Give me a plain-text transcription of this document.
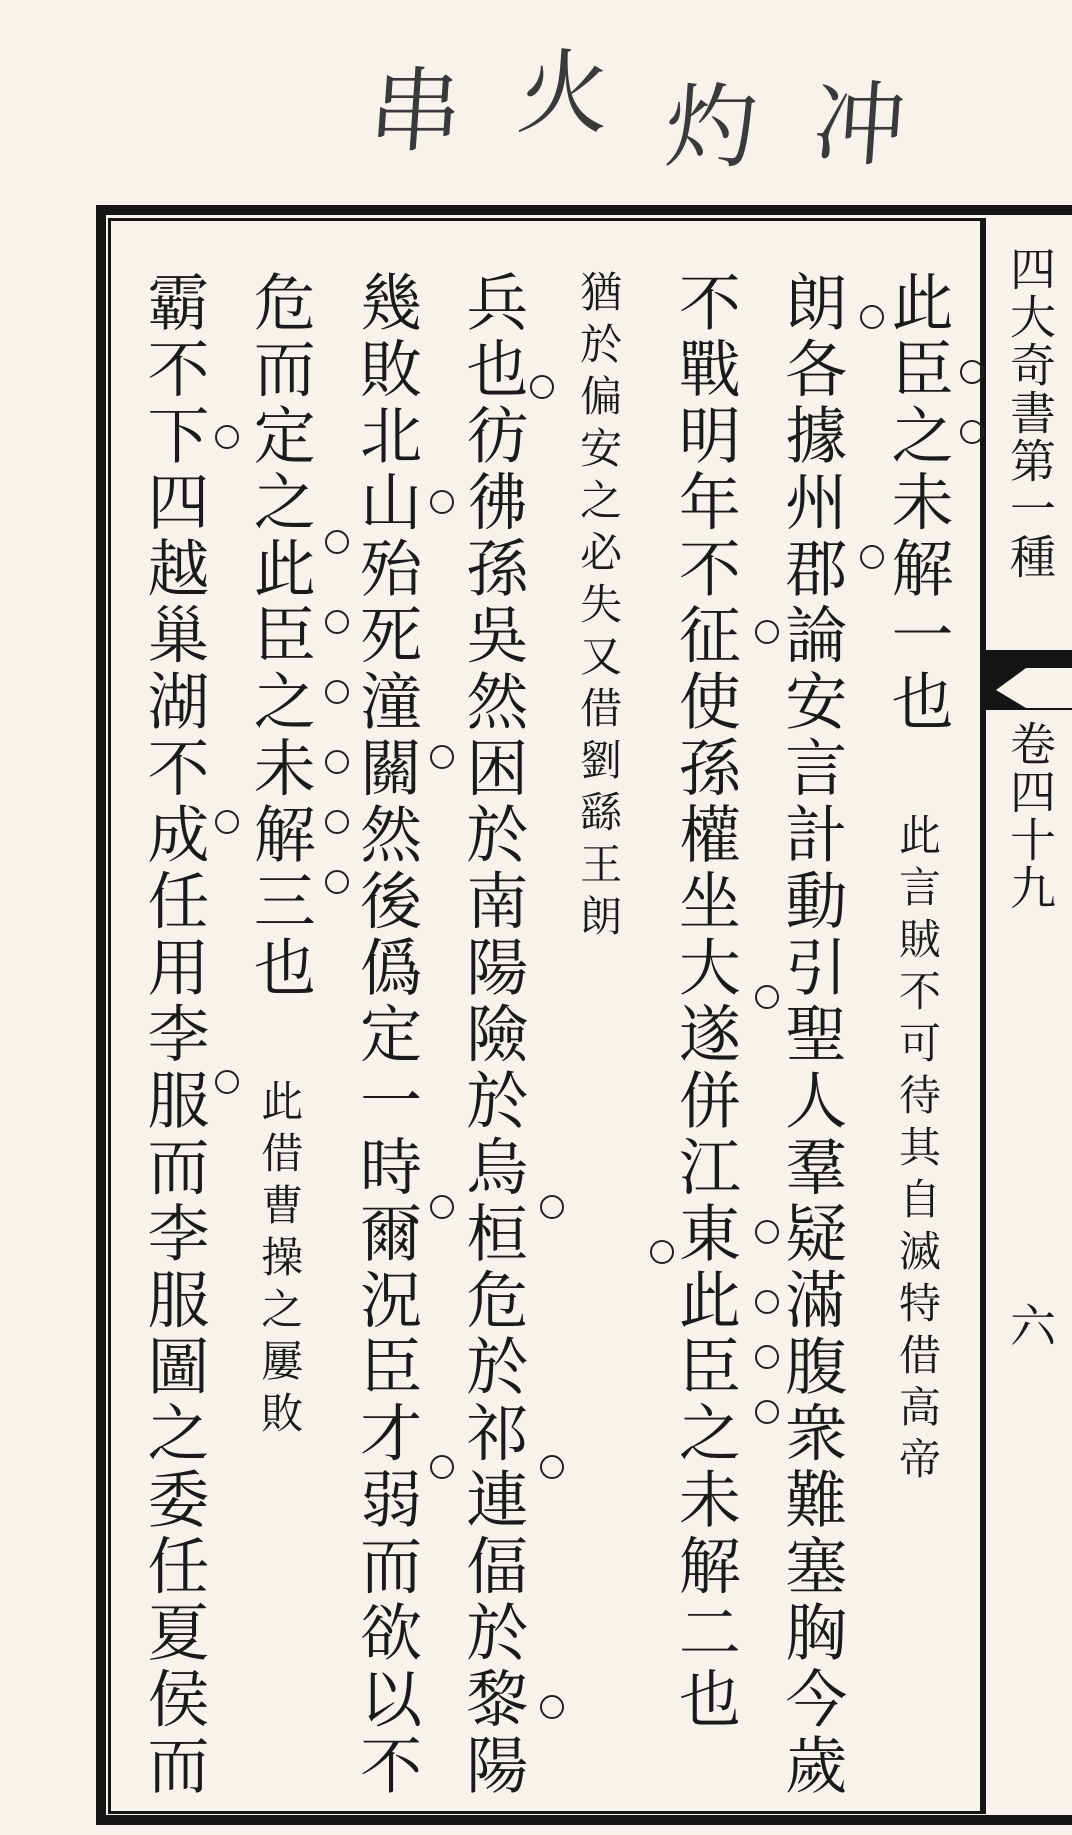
串 火 灼 冲
四大奇書第一種
卷四十九
六
此臣之未解一也 此言賊不可待其自滅特借高帝
朗各據州郡論安言計動引聖人羣疑滿腹衆難塞胸今歲
不戰明年不征使孫權坐大遂併江東此臣之未解二也
猶於偏安之必失又借劉繇王朗
兵也彷彿孫吳然困於南陽險於烏桓危於祁連偪於黎陽
幾敗北山殆死潼關然後僞定一時爾況臣才弱而欲以不
危而定之此臣之未解三也 此借曹操之屢敗
霸不下四越巢湖不成任用李服而李服圖之委任夏侯而
